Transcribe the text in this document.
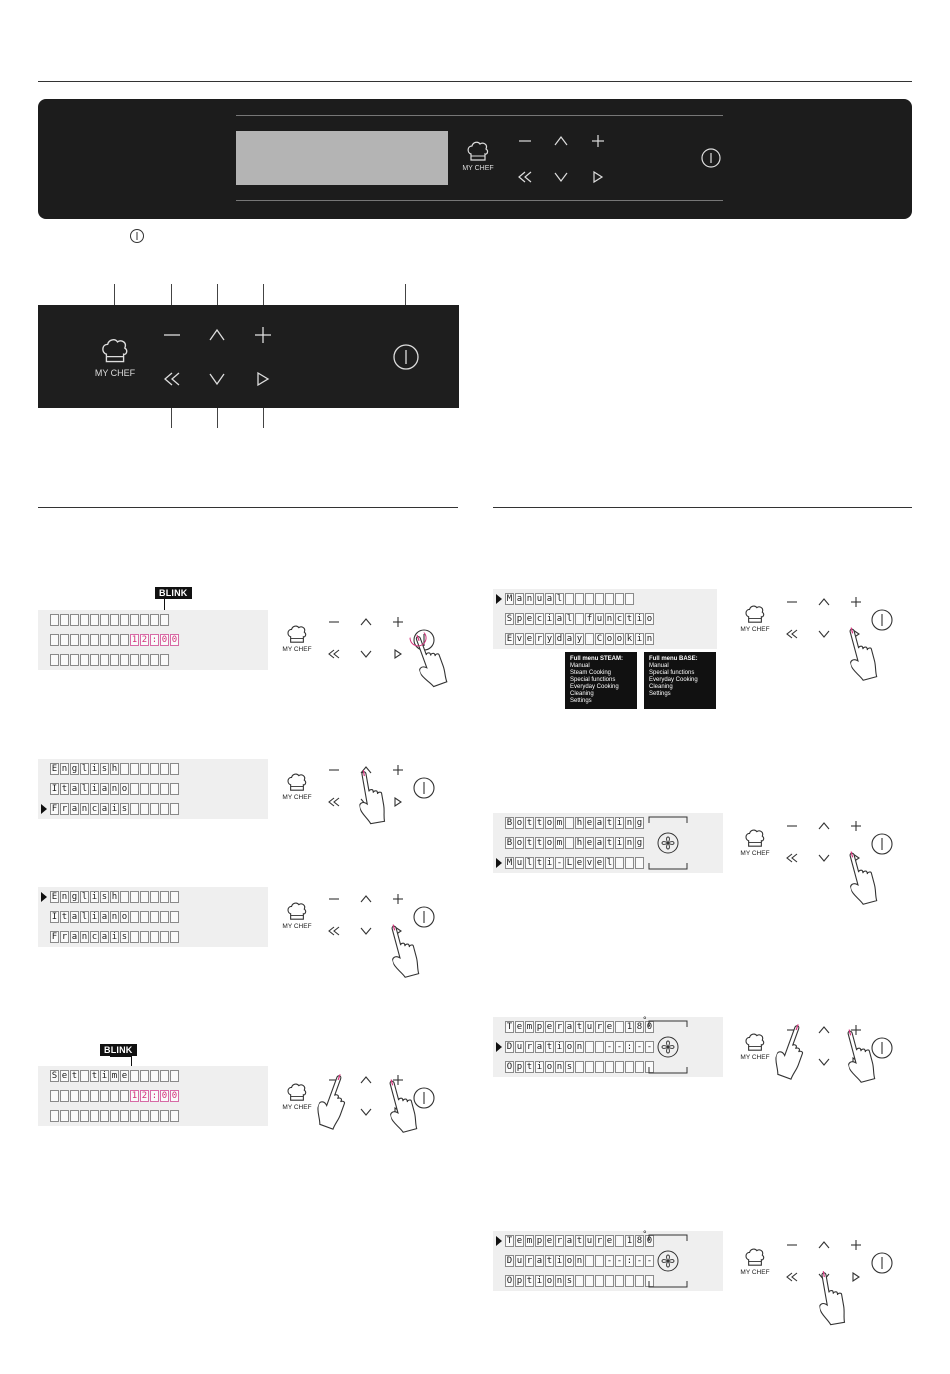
MY CHEF
MY CHEF
BLINK
1 2 : 0 0
E n g l i s h
I t a l i a n o
F r a n c a i s
E n g l i s h
I t a l i a n o
F r a n c a i s
BLINK
S e t t i m e
1 2 : 0 0
M a n u a l
S p e c i a l f u n c t i o
E v e r y d a y C o o k i n
Full menu STEAM:
Manual
Steam Cooking
Special functions
Everyday Cooking
Cleaning
Settings
Full menu BASE:
Manual
Special functions
Everyday Cooking
Cleaning
Settings
B o t t o m h e a t i n g
B o t t o m h e a t i n g
M u l t i - L e v e l
T e m p e r a t u r e 1 8 0
D u r a t i o n	- - : - -
O p t i o n s
°
T e m p e r a t u r e 1 8 0
D u r a t i o n	- - : - -
O p t i o n s
°
MY CHEF
MY CHEF
MY CHEF
MY CHEF
MY CHEF
MY CHEF
MY CHEF
MY CHEF
